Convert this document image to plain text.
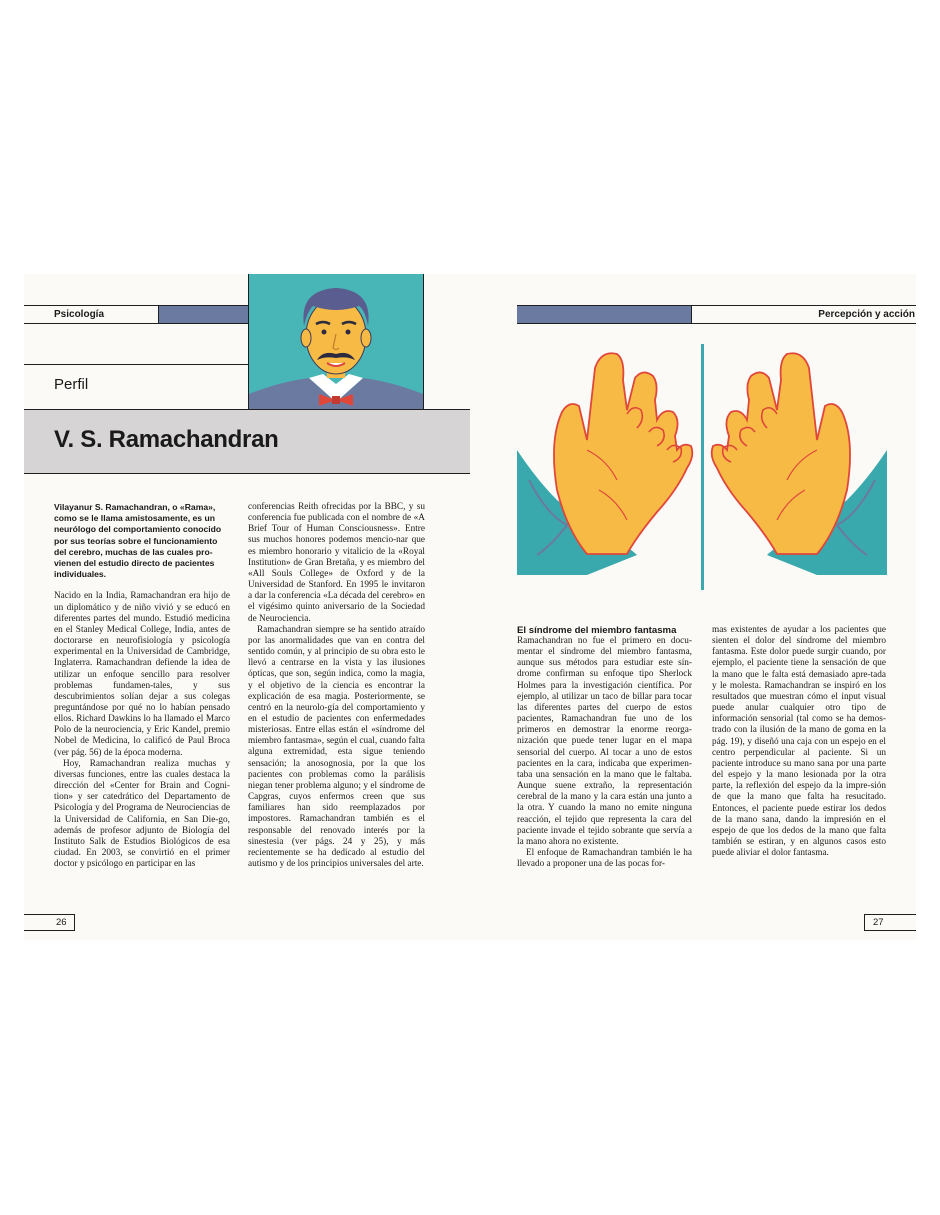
Psicología
Perfil
V. S. Ramachandran

Vilayanur S. Ramachandran, o «Rama», como se le llama amistosamente, es un neurólogo del comportamiento conocido por sus teorías sobre el funcionamiento del cerebro, muchas de las cuales pro-vienen del estudio directo de pacientes individuales.

Nacido en la India, Ramachandran era hijo de un diplomático y de niño vivió y se educó en diferentes partes del mundo. Estudió medicina en el Stanley Medical College, India, antes de doctorarse en neurofisiología y psicología experimental en la Universidad de Cambridge, Inglaterra. Ramachandran defiende la idea de utilizar un enfoque sencillo para resolver problemas fundamen-tales, y sus descubrimientos solían dejar a sus colegas preguntándose por qué no lo habían pensado ellos. Richard Dawkins lo ha llamado el Marco Polo de la neurociencia, y Eric Kandel, premio Nobel de Medicina, lo calificó de Paul Broca (ver pág. 56) de la época moderna.

Hoy, Ramachandran realiza muchas y diversas funciones, entre las cuales destaca la dirección del «Center for Brain and Cogni-tion» y ser catedrático del Departamento de Psicología y del Programa de Neurociencias de la Universidad de California, en San Die-go, además de profesor adjunto de Biología del Instituto Salk de Estudios Biológicos de esa ciudad. En 2003, se convirtió en el primer doctor y psicólogo en participar en las

conferencias Reith ofrecidas por la BBC, y su conferencia fue publicada con el nombre de «A Brief Tour of Human Consciousness». Entre sus muchos honores podemos mencio-nar que es miembro honorario y vitalicio de la «Royal Institution» de Gran Bretaña, y es miembro del «All Souls College» de Oxford y de la Universidad de Stanford. En 1995 le invitaron a dar la conferencia «La década del cerebro» en el vigésimo quinto aniversario de la Sociedad de Neurociencia.

Ramachandran siempre se ha sentido atraído por las anormalidades que van en contra del sentido común, y al principio de su obra esto le llevó a centrarse en la vista y las ilusiones ópticas, que son, según indica, como la magia, y el objetivo de la ciencia es encontrar la explicación de esa magia. Posteriormente, se centró en la neurolo-gía del comportamiento y en el estudio de pacientes con enfermedades misteriosas. Entre ellas están el «síndrome del miembro fantasma», según el cual, cuando falta alguna extremidad, esta sigue teniendo sensación; la anosognosia, por la que los pacientes con problemas como la parálisis niegan tener problema alguno; y el síndrome de Capgras, cuyos enfermos creen que sus familiares han sido reemplazados por impostores. Ramachandran también es el responsable del renovado interés por la sinestesia (ver págs. 24 y 25), y más recientemente se ha dedicado al estudio del autismo y de los principios universales del arte.

26
Percepción y acción

El síndrome del miembro fantasma

Ramachandran no fue el primero en docu-mentar el síndrome del miembro fantasma, aunque sus métodos para estudiar este sín-drome confirman su enfoque tipo Sherlock Holmes para la investigación científica. Por ejemplo, al utilizar un taco de billar para tocar las diferentes partes del cuerpo de estos pacientes, Ramachandran fue uno de los primeros en demostrar la enorme reorga-nización que puede tener lugar en el mapa sensorial del cuerpo. Al tocar a uno de estos pacientes en la cara, indicaba que experimen-taba una sensación en la mano que le faltaba. Aunque suene extraño, la representación cerebral de la mano y la cara están una junto a la otra. Y cuando la mano no emite ninguna reacción, el tejido que representa la cara del paciente invade el tejido sobrante que servía a la mano ahora no existente.

El enfoque de Ramachandran también le ha llevado a proponer una de las pocas for-

mas existentes de ayudar a los pacientes que sienten el dolor del síndrome del miembro fantasma. Este dolor puede surgir cuando, por ejemplo, el paciente tiene la sensación de que la mano que le falta está demasiado apre-tada y le molesta. Ramachandran se inspiró en los resultados que muestran cómo el input visual puede anular cualquier otro tipo de información sensorial (tal como se ha demos-trado con la ilusión de la mano de goma en la pág. 19), y diseñó una caja con un espejo en el centro perpendicular al paciente. Si un paciente introduce su mano sana por una parte del espejo y la mano lesionada por la otra parte, la reflexión del espejo da la impre-sión de que la mano que falta ha resucitado. Entonces, el paciente puede estirar los dedos de la mano sana, dando la impresión en el espejo de que los dedos de la mano que falta también se estiran, y en algunos casos esto puede aliviar el dolor fantasma.

27
